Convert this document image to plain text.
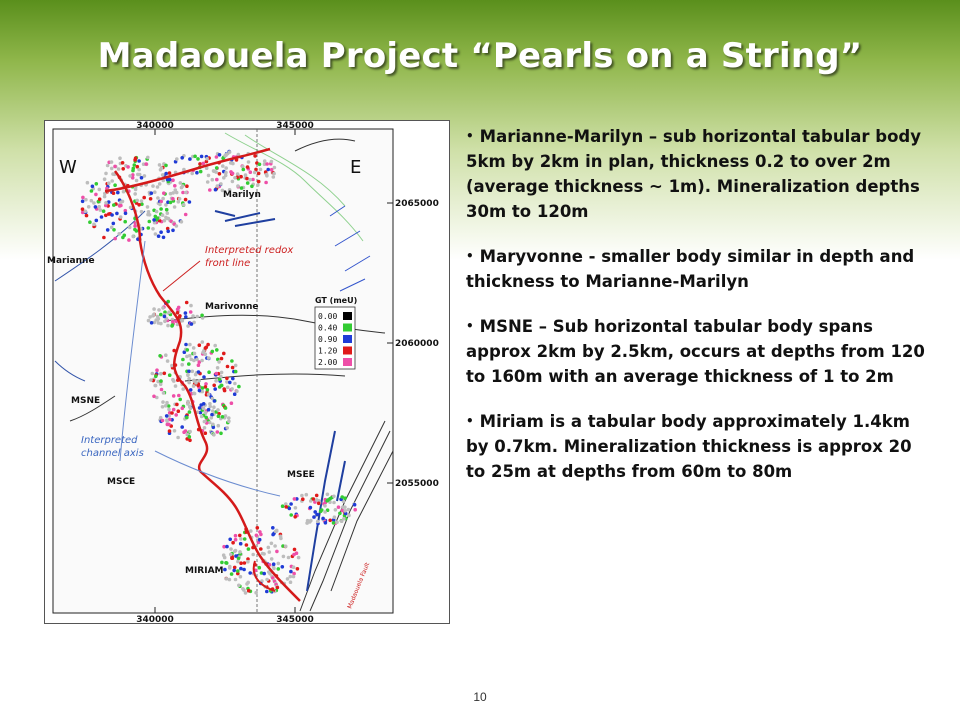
Madaouela Project “Pearls on a String”
340000	345000
340000	345000
2065000
2060000
2055000
W	E
Marilyn
Marianne
Marivonne
MSNE
MSCE
MSEE
MIRIAM
Interpreted redox
front line
Interpreted
channel axis
Madaouela Fault
GT (meU)
0.00
0.40
0.90
1.20
2.00
• Marianne-Marilyn – sub horizontal tabular body 5km by 2km in plan, thickness 0.2 to over 2m (average thickness ~ 1m). Mineralization depths 30m to 120m
• Maryvonne - smaller body similar in depth and thickness to Marianne-Marilyn
• MSNE – Sub horizontal tabular body spans approx 2km by 2.5km, occurs at depths from 120 to 160m with an average thickness of 1 to 2m
• Miriam is a tabular body approximately 1.4km by 0.7km. Mineralization thickness is approx 20 to 25m at depths from 60m to 80m
10
